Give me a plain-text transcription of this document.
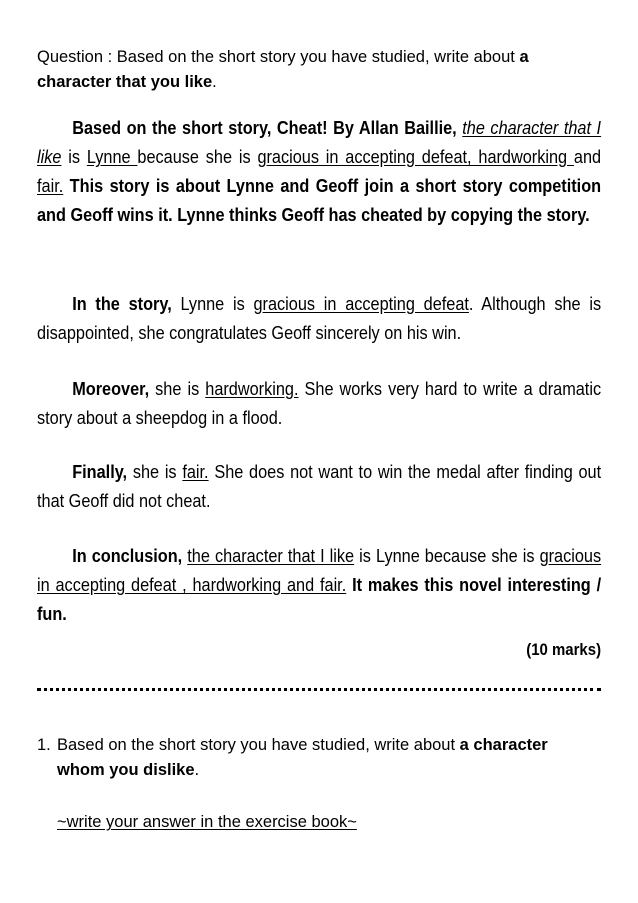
Question : Based on the short story you have studied, write about a character that you like.
Based on the short story, Cheat! By Allan Baillie, the character that I like is Lynne because she is gracious in accepting defeat, hardworking and fair. This story is about Lynne and Geoff join a short story competition and Geoff wins it. Lynne thinks Geoff has cheated by copying the story.
In the story, Lynne is gracious in accepting defeat. Although she is disappointed, she congratulates Geoff sincerely on his win.
Moreover, she is hardworking. She works very hard to write a dramatic story about a sheepdog in a flood.
Finally, she is fair. She does not want to win the medal after finding out that Geoff did not cheat.
In conclusion, the character that I like is Lynne because she is gracious in accepting defeat , hardworking and fair. It makes this novel interesting / fun.
(10 marks)
1. Based on the short story you have studied, write about a character whom you dislike.
~write your answer in the exercise book~
